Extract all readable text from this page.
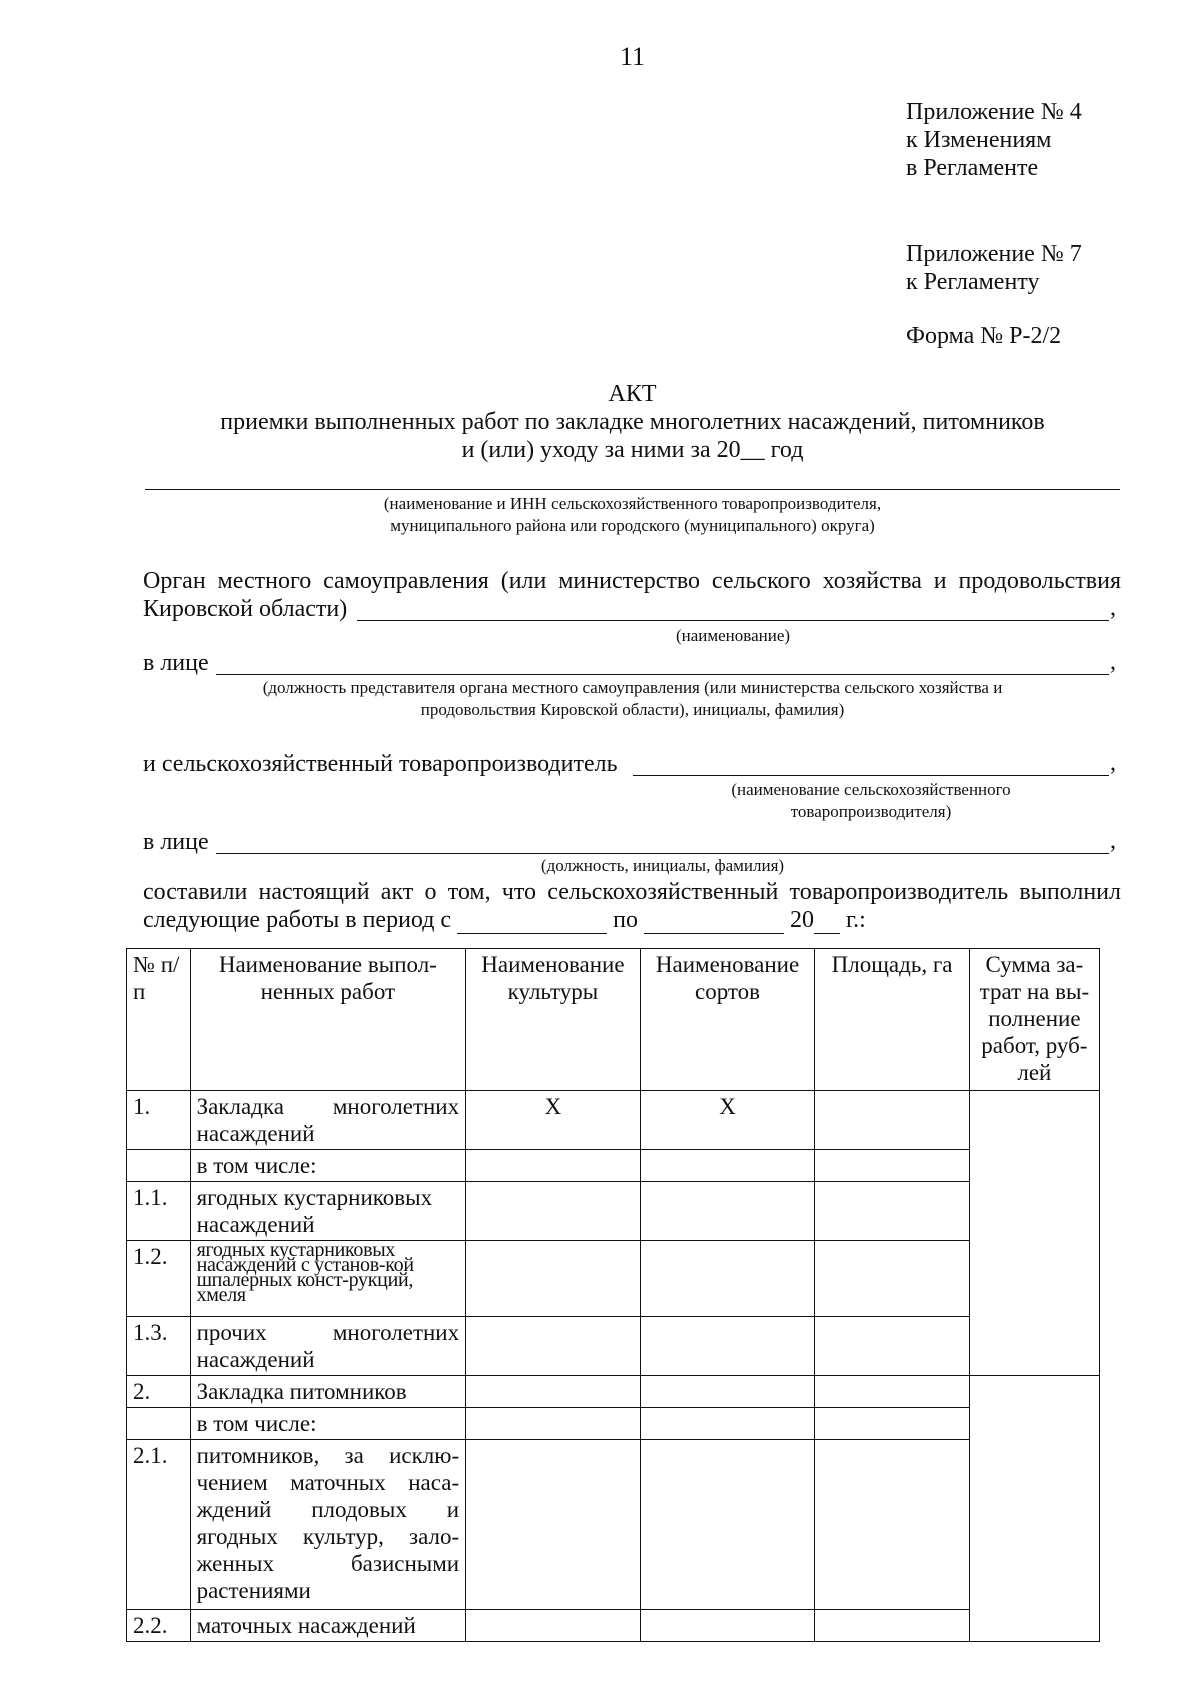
11
Приложение № 4
к Изменениям
в Регламенте
Приложение № 7
к Регламенту
Форма № Р-2/2
АКТ
приемки выполненных работ по закладке многолетних насаждений, питомников
и (или) уходу за ними за 20__ год
(наименование и ИНН сельскохозяйственного товаропроизводителя,
муниципального района или городского (муниципального) округа)
Орган местного самоуправления (или министерство сельского хозяйства и продовольствия
Кировской области)	,
(наименование)
в лице	,
(должность представителя органа местного самоуправления (или министерства сельского хозяйства и
продовольствия Кировской области), инициалы, фамилия)
и сельскохозяйственный товаропроизводитель	,
(наименование сельскохозяйственного
товаропроизводителя)
в лице	,
(должность, инициалы, фамилия)
составили настоящий акт о том, что сельскохозяйственный товаропроизводитель выполнил
следующие работы в период с	по	20 г.:
№ п/п	Наименование выпол-ненных работ	Наименование культуры	Наименование сортов	Площадь, га	Сумма за-трат на вы-полнение работ, руб-лей
1.	Закладка многолетних насаждений	Х	Х		
	в том числе:				
1.1.	ягодных кустарниковых насаждений				
1.2.	ягодных кустарниковых насаждений с установ-кой шпалерных конст-рукций, хмеля				
1.3.	прочих многолетних насаждений				
2.	Закладка питомников				
	в том числе:				
2.1.	питомников, за исклю-чением маточных наса-ждений плодовых и ягодных культур, зало-женных базисными растениями				
2.2.	маточных насаждений				
